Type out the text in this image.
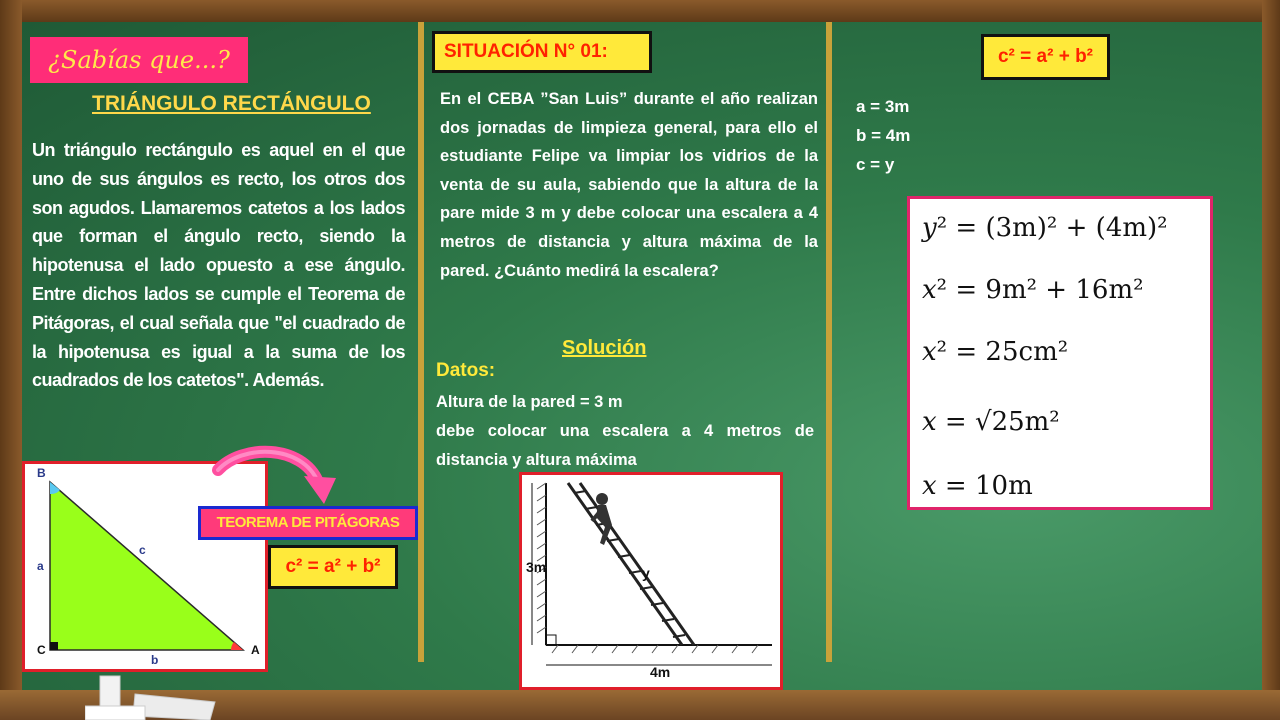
¿Sabías que...?
TRIÁNGULO RECTÁNGULO
Un triángulo rectángulo es aquel en el que uno de sus ángulos es recto, los otros dos son agudos. Llamaremos catetos a los lados que forman el ángulo recto, siendo la hipotenusa el lado opuesto a ese ángulo. Entre dichos lados se cumple el Teorema de Pitágoras, el cual señala que "el cuadrado de la hipotenusa es igual a la suma de los cuadrados de los catetos". Además.
B
C	A
a
b
c
TEOREMA DE PITÁGORAS
c² = a² + b²
SITUACIÓN N° 01:
En el CEBA ”San Luis” durante el año realizan dos jornadas de limpieza general, para ello el estudiante Felipe va limpiar los vidrios de la venta de su aula, sabiendo que la altura de la pare mide 3 m y debe colocar una escalera a 4 metros de distancia y altura máxima de la pared. ¿Cuánto medirá la escalera?
Solución
Datos:
Altura de la pared = 3 m
debe colocar una escalera a 4 metros de distancia y altura máxima
3m
4m
y
c² = a² + b²
a = 3m
b = 4m
c = y
y² = (3m)² + (4m)²
x² = 9m² + 16m²
x² = 25cm²
x = √25m²
x = 10m
